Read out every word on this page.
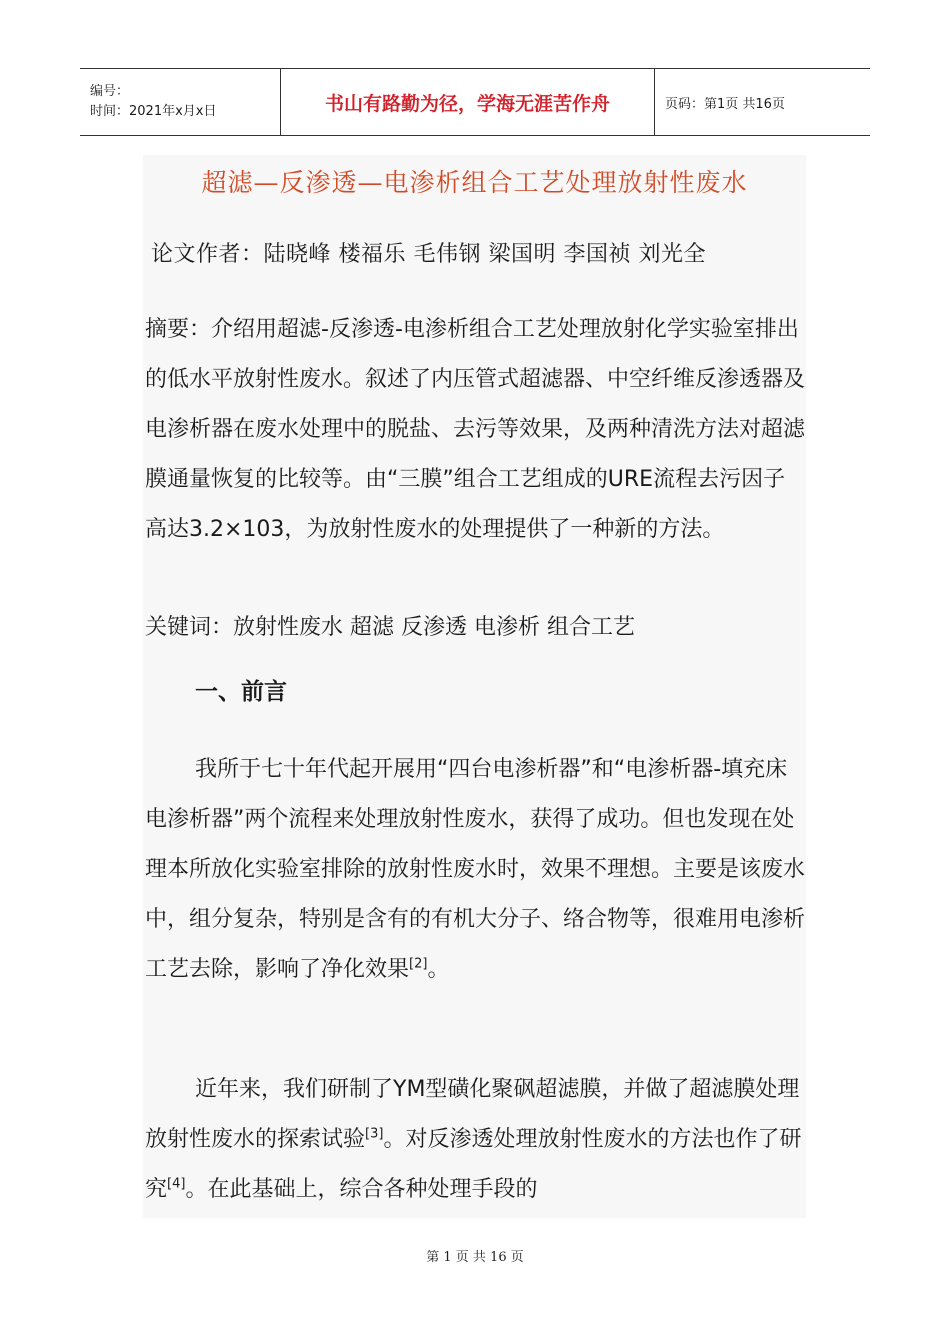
编号：
时间：2021年x月x日	书山有路勤为径，学海无涯苦作舟	页码：第1页 共16页
超滤—反渗透—电渗析组合工艺处理放射性废水
论文作者：陆晓峰 楼福乐 毛伟钢 梁国明 李国祯 刘光全
摘要：介绍用超滤-反渗透-电渗析组合工艺处理放射化学实验室排出的低水平放射性废水。叙述了内压管式超滤器、中空纤维反渗透器及电渗析器在废水处理中的脱盐、去污等效果，及两种清洗方法对超滤膜通量恢复的比较等。由“三膜”组合工艺组成的URE流程去污因子高达3.2×103，为放射性废水的处理提供了一种新的方法。
关键词：放射性废水 超滤 反渗透 电渗析 组合工艺
一、前言
我所于七十年代起开展用“四台电渗析器”和“电渗析器-填充床电渗析器”两个流程来处理放射性废水，获得了成功。但也发现在处理本所放化实验室排除的放射性废水时，效果不理想。主要是该废水中，组分复杂，特别是含有的有机大分子、络合物等，很难用电渗析工艺去除，影响了净化效果[2]。
近年来，我们研制了YM型磺化聚砜超滤膜，并做了超滤膜处理放射性废水的探索试验[3]。对反渗透处理放射性废水的方法也作了研究[4]。在此基础上，综合各种处理手段的
第 1 页 共 16 页
